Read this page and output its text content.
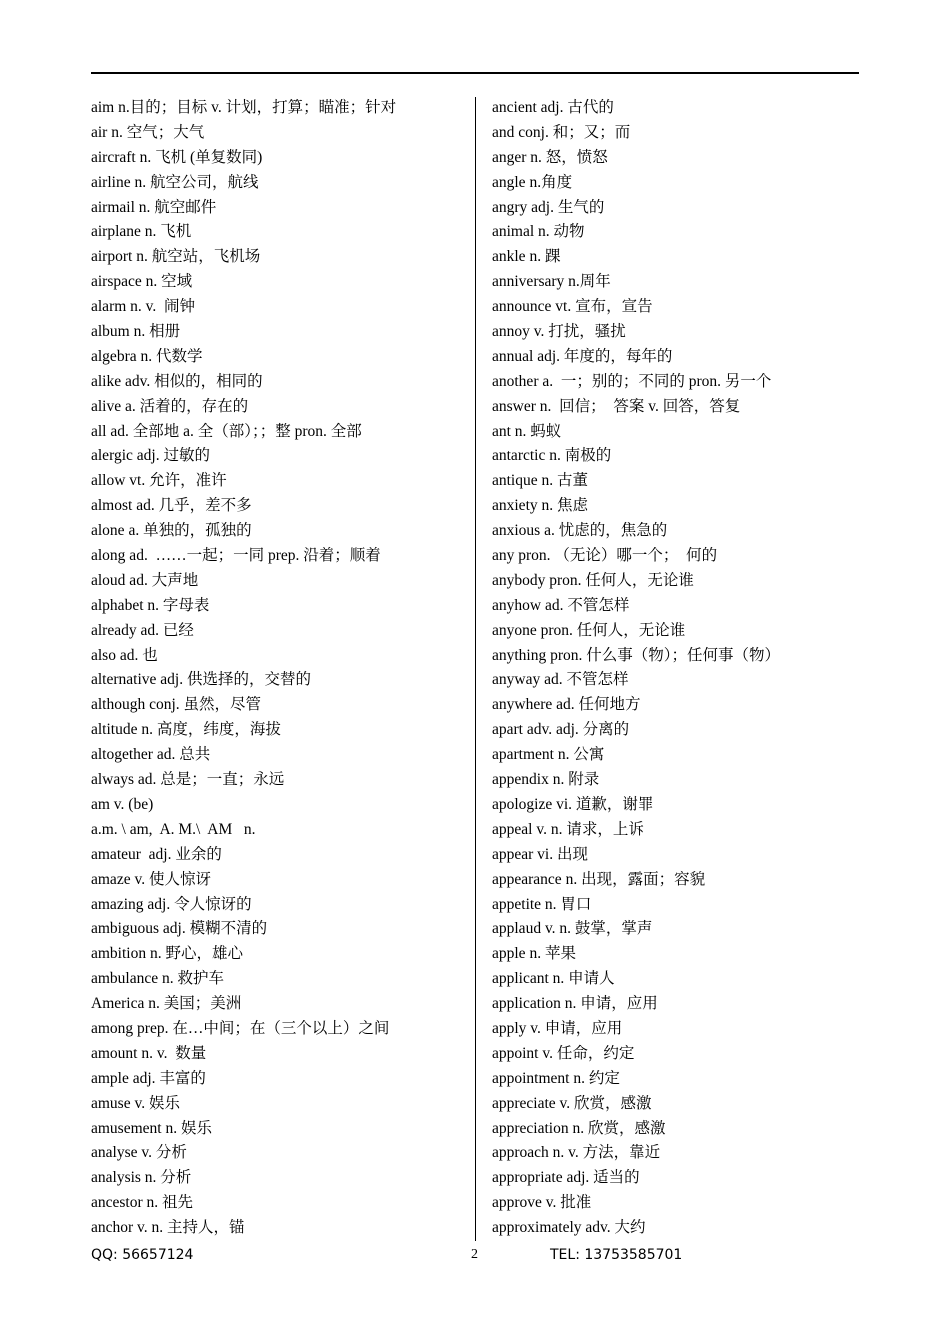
aim n.目的；目标 v. 计划，打算；瞄准；针对
air n. 空气；大气
aircraft n. 飞机 (单复数同)
airline n. 航空公司，航线
airmail n. 航空邮件
airplane n. 飞机
airport n. 航空站，飞机场
airspace n. 空域
alarm n. v.  闹钟
album n. 相册
algebra n. 代数学
alike adv. 相似的，相同的
alive a. 活着的，存在的
all ad. 全部地 a. 全（部）；；整 pron. 全部
alergic adj. 过敏的
allow vt. 允许，准许
almost ad. 几乎，差不多
alone a. 单独的，孤独的
along ad.  ……一起；一同 prep. 沿着；顺着
aloud ad. 大声地
alphabet n. 字母表
already ad. 已经
also ad. 也
alternative adj. 供选择的，交替的
although conj. 虽然，尽管
altitude n. 高度，纬度，海拔
altogether ad. 总共
always ad. 总是；一直；永远
am v. (be)
a.m. \ am,  A. M.\  AM   n.
amateur  adj. 业余的
amaze v. 使人惊讶
amazing adj. 令人惊讶的
ambiguous adj. 模糊不清的
ambition n. 野心，雄心
ambulance n. 救护车
America n. 美国；美洲
among prep. 在…中间；在（三个以上）之间
amount n. v.  数量
ample adj. 丰富的
amuse v. 娱乐
amusement n. 娱乐
analyse v. 分析
analysis n. 分析
ancestor n. 祖先
anchor v. n. 主持人，锚
ancient adj. 古代的
and conj. 和；又；而
anger n. 怒，愤怒
angle n.角度
angry adj. 生气的
animal n. 动物
ankle n. 踝
anniversary n.周年
announce vt. 宣布，宣告
annoy v. 打扰，骚扰
annual adj. 年度的，每年的
another a.  一；别的；不同的 pron. 另一个
answer n.  回信；  答案 v. 回答，答复
ant n. 蚂蚁
antarctic n. 南极的
antique n. 古董
anxiety n. 焦虑
anxious a. 忧虑的，焦急的
any pron. （无论）哪一个；  何的
anybody pron. 任何人，无论谁
anyhow ad. 不管怎样
anyone pron. 任何人，无论谁
anything pron. 什么事（物）；任何事（物）
anyway ad. 不管怎样
anywhere ad. 任何地方
apart adv. adj. 分离的
apartment n. 公寓
appendix n. 附录
apologize vi. 道歉，谢罪
appeal v. n. 请求，上诉
appear vi. 出现
appearance n. 出现，露面；容貌
appetite n. 胃口
applaud v. n. 鼓掌，掌声
apple n. 苹果
applicant n. 申请人
application n. 申请，应用
apply v. 申请，应用
appoint v. 任命，约定
appointment n. 约定
appreciate v. 欣赏，感激
appreciation n. 欣赏，感激
approach n. v. 方法，靠近
appropriate adj. 适当的
approve v. 批准
approximately adv. 大约
QQ: 56657124	2	TEL: 13753585701
